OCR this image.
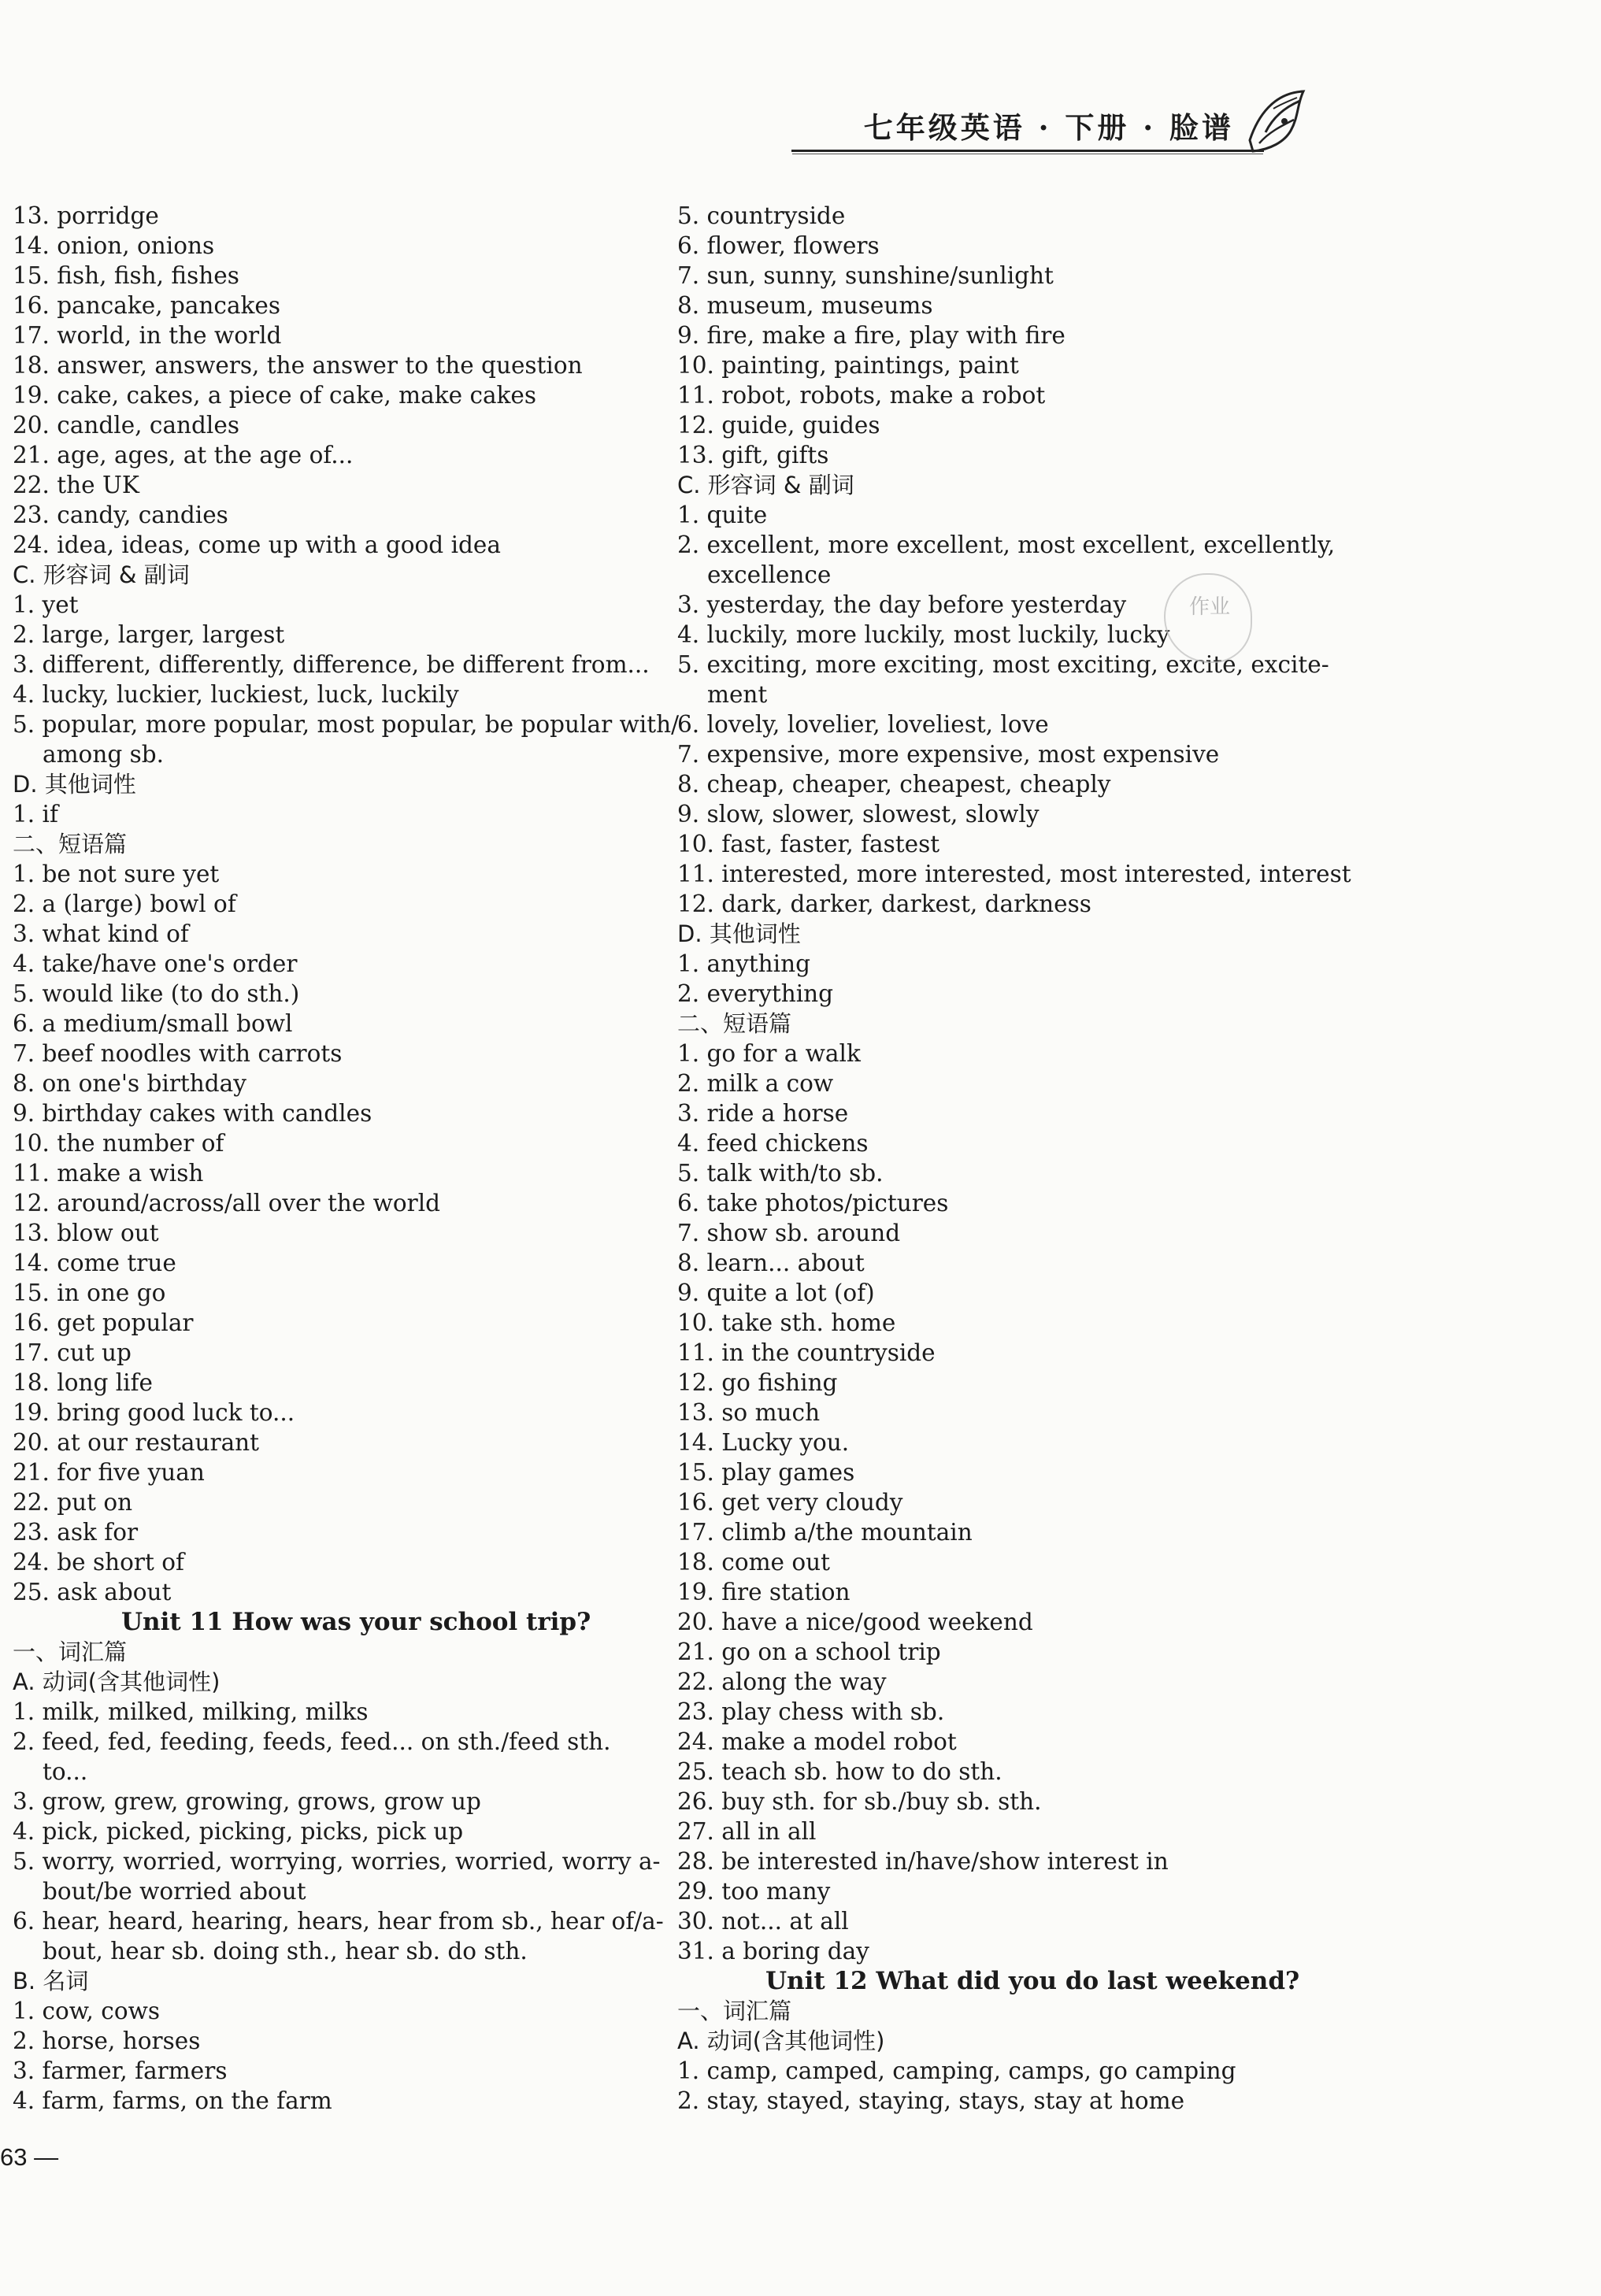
七年级英语 · 下册 · 脸谱
13. porridge
14. onion, onions
15. fish, fish, fishes
16. pancake, pancakes
17. world, in the world
18. answer, answers, the answer to the question
19. cake, cakes, a piece of cake, make cakes
20. candle, candles
21. age, ages, at the age of...
22. the UK
23. candy, candies
24. idea, ideas, come up with a good idea
C. 形容词 & 副词
1. yet
2. large, larger, largest
3. different, differently, difference, be different from...
4. lucky, luckier, luckiest, luck, luckily
5. popular, more popular, most popular, be popular with/
among sb.
D. 其他词性
1. if
二、短语篇
1. be not sure yet
2. a (large) bowl of
3. what kind of
4. take/have one's order
5. would like (to do sth.)
6. a medium/small bowl
7. beef noodles with carrots
8. on one's birthday
9. birthday cakes with candles
10. the number of
11. make a wish
12. around/across/all over the world
13. blow out
14. come true
15. in one go
16. get popular
17. cut up
18. long life
19. bring good luck to...
20. at our restaurant
21. for five yuan
22. put on
23. ask for
24. be short of
25. ask about
Unit 11 How was your school trip?
一、词汇篇
A. 动词(含其他词性)
1. milk, milked, milking, milks
2. feed, fed, feeding, feeds, feed... on sth./feed sth.
to...
3. grow, grew, growing, grows, grow up
4. pick, picked, picking, picks, pick up
5. worry, worried, worrying, worries, worried, worry a-
bout/be worried about
6. hear, heard, hearing, hears, hear from sb., hear of/a-
bout, hear sb. doing sth., hear sb. do sth.
B. 名词
1. cow, cows
2. horse, horses
3. farmer, farmers
4. farm, farms, on the farm
5. countryside
6. flower, flowers
7. sun, sunny, sunshine/sunlight
8. museum, museums
9. fire, make a fire, play with fire
10. painting, paintings, paint
11. robot, robots, make a robot
12. guide, guides
13. gift, gifts
C. 形容词 & 副词
1. quite
2. excellent, more excellent, most excellent, excellently,
excellence
3. yesterday, the day before yesterday
4. luckily, more luckily, most luckily, lucky
5. exciting, more exciting, most exciting, excite, excite-
ment
6. lovely, lovelier, loveliest, love
7. expensive, more expensive, most expensive
8. cheap, cheaper, cheapest, cheaply
9. slow, slower, slowest, slowly
10. fast, faster, fastest
11. interested, more interested, most interested, interest
12. dark, darker, darkest, darkness
D. 其他词性
1. anything
2. everything
二、短语篇
1. go for a walk
2. milk a cow
3. ride a horse
4. feed chickens
5. talk with/to sb.
6. take photos/pictures
7. show sb. around
8. learn... about
9. quite a lot (of)
10. take sth. home
11. in the countryside
12. go fishing
13. so much
14. Lucky you.
15. play games
16. get very cloudy
17. climb a/the mountain
18. come out
19. fire station
20. have a nice/good weekend
21. go on a school trip
22. along the way
23. play chess with sb.
24. make a model robot
25. teach sb. how to do sth.
26. buy sth. for sb./buy sb. sth.
27. all in all
28. be interested in/have/show interest in
29. too many
30. not... at all
31. a boring day
Unit 12 What did you do last weekend?
一、词汇篇
A. 动词(含其他词性)
1. camp, camped, camping, camps, go camping
2. stay, stayed, staying, stays, stay at home
作业
63 —
